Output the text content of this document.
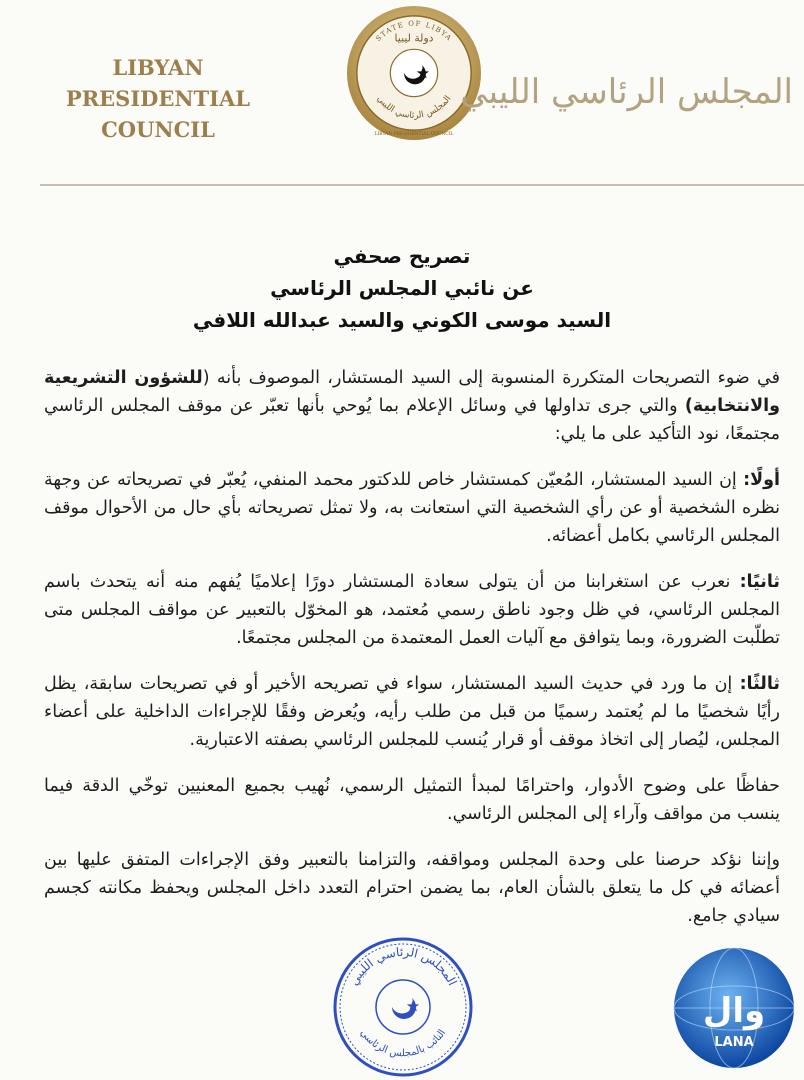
LIBYAN PRESIDENTIAL
COUNCIL
STATE OF LIBYA
دولة ليبيا
المجلس الرئاسي الليبي
LIBYAN PRESIDENTIAL COUNCIL
المجلس الرئاسي الليبي
تصريح صحفي
عن نائبي المجلس الرئاسي
السيد موسى الكوني والسيد عبدالله اللافي

في ضوء التصريحات المتكررة المنسوبة إلى السيد المستشار، الموصوف بأنه (للشؤون التشريعية والانتخابية) والتي جرى تداولها في وسائل الإعلام بما يُوحي بأنها تعبّر عن موقف المجلس الرئاسي مجتمعًا، نود التأكيد على ما يلي:

أولًا: إن السيد المستشار، المُعيّن كمستشار خاص للدكتور محمد المنفي، يُعبّر في تصريحاته عن وجهة نظره الشخصية أو عن رأي الشخصية التي استعانت به، ولا تمثل تصريحاته بأي حال من الأحوال موقف المجلس الرئاسي بكامل أعضائه.

ثانيًا: نعرب عن استغرابنا من أن يتولى سعادة المستشار دورًا إعلاميًا يُفهم منه أنه يتحدث باسم المجلس الرئاسي، في ظل وجود ناطق رسمي مُعتمد، هو المخوّل بالتعبير عن مواقف المجلس متى تطلّبت الضرورة، وبما يتوافق مع آليات العمل المعتمدة من المجلس مجتمعًا.

ثالثًا: إن ما ورد في حديث السيد المستشار، سواء في تصريحه الأخير أو في تصريحات سابقة، يظل رأيًا شخصيًا ما لم يُعتمد رسميًا من قبل من طلب رأيه، ويُعرض وفقًا للإجراءات الداخلية على أعضاء المجلس، ليُصار إلى اتخاذ موقف أو قرار يُنسب للمجلس الرئاسي بصفته الاعتبارية.

حفاظًا على وضوح الأدوار، واحترامًا لمبدأ التمثيل الرسمي، نُهيب بجميع المعنيين توخّي الدقة فيما ينسب من مواقف وآراء إلى المجلس الرئاسي.

وإننا نؤكد حرصنا على وحدة المجلس ومواقفه، والتزامنا بالتعبير وفق الإجراءات المتفق عليها بين أعضائه في كل ما يتعلق بالشأن العام، بما يضمن احترام التعدد داخل المجلس ويحفظ مكانته كجسم سيادي جامع.

المجلس الرئاسي الليبي
النائب بالمجلس الرئاسي
وال
LANA
